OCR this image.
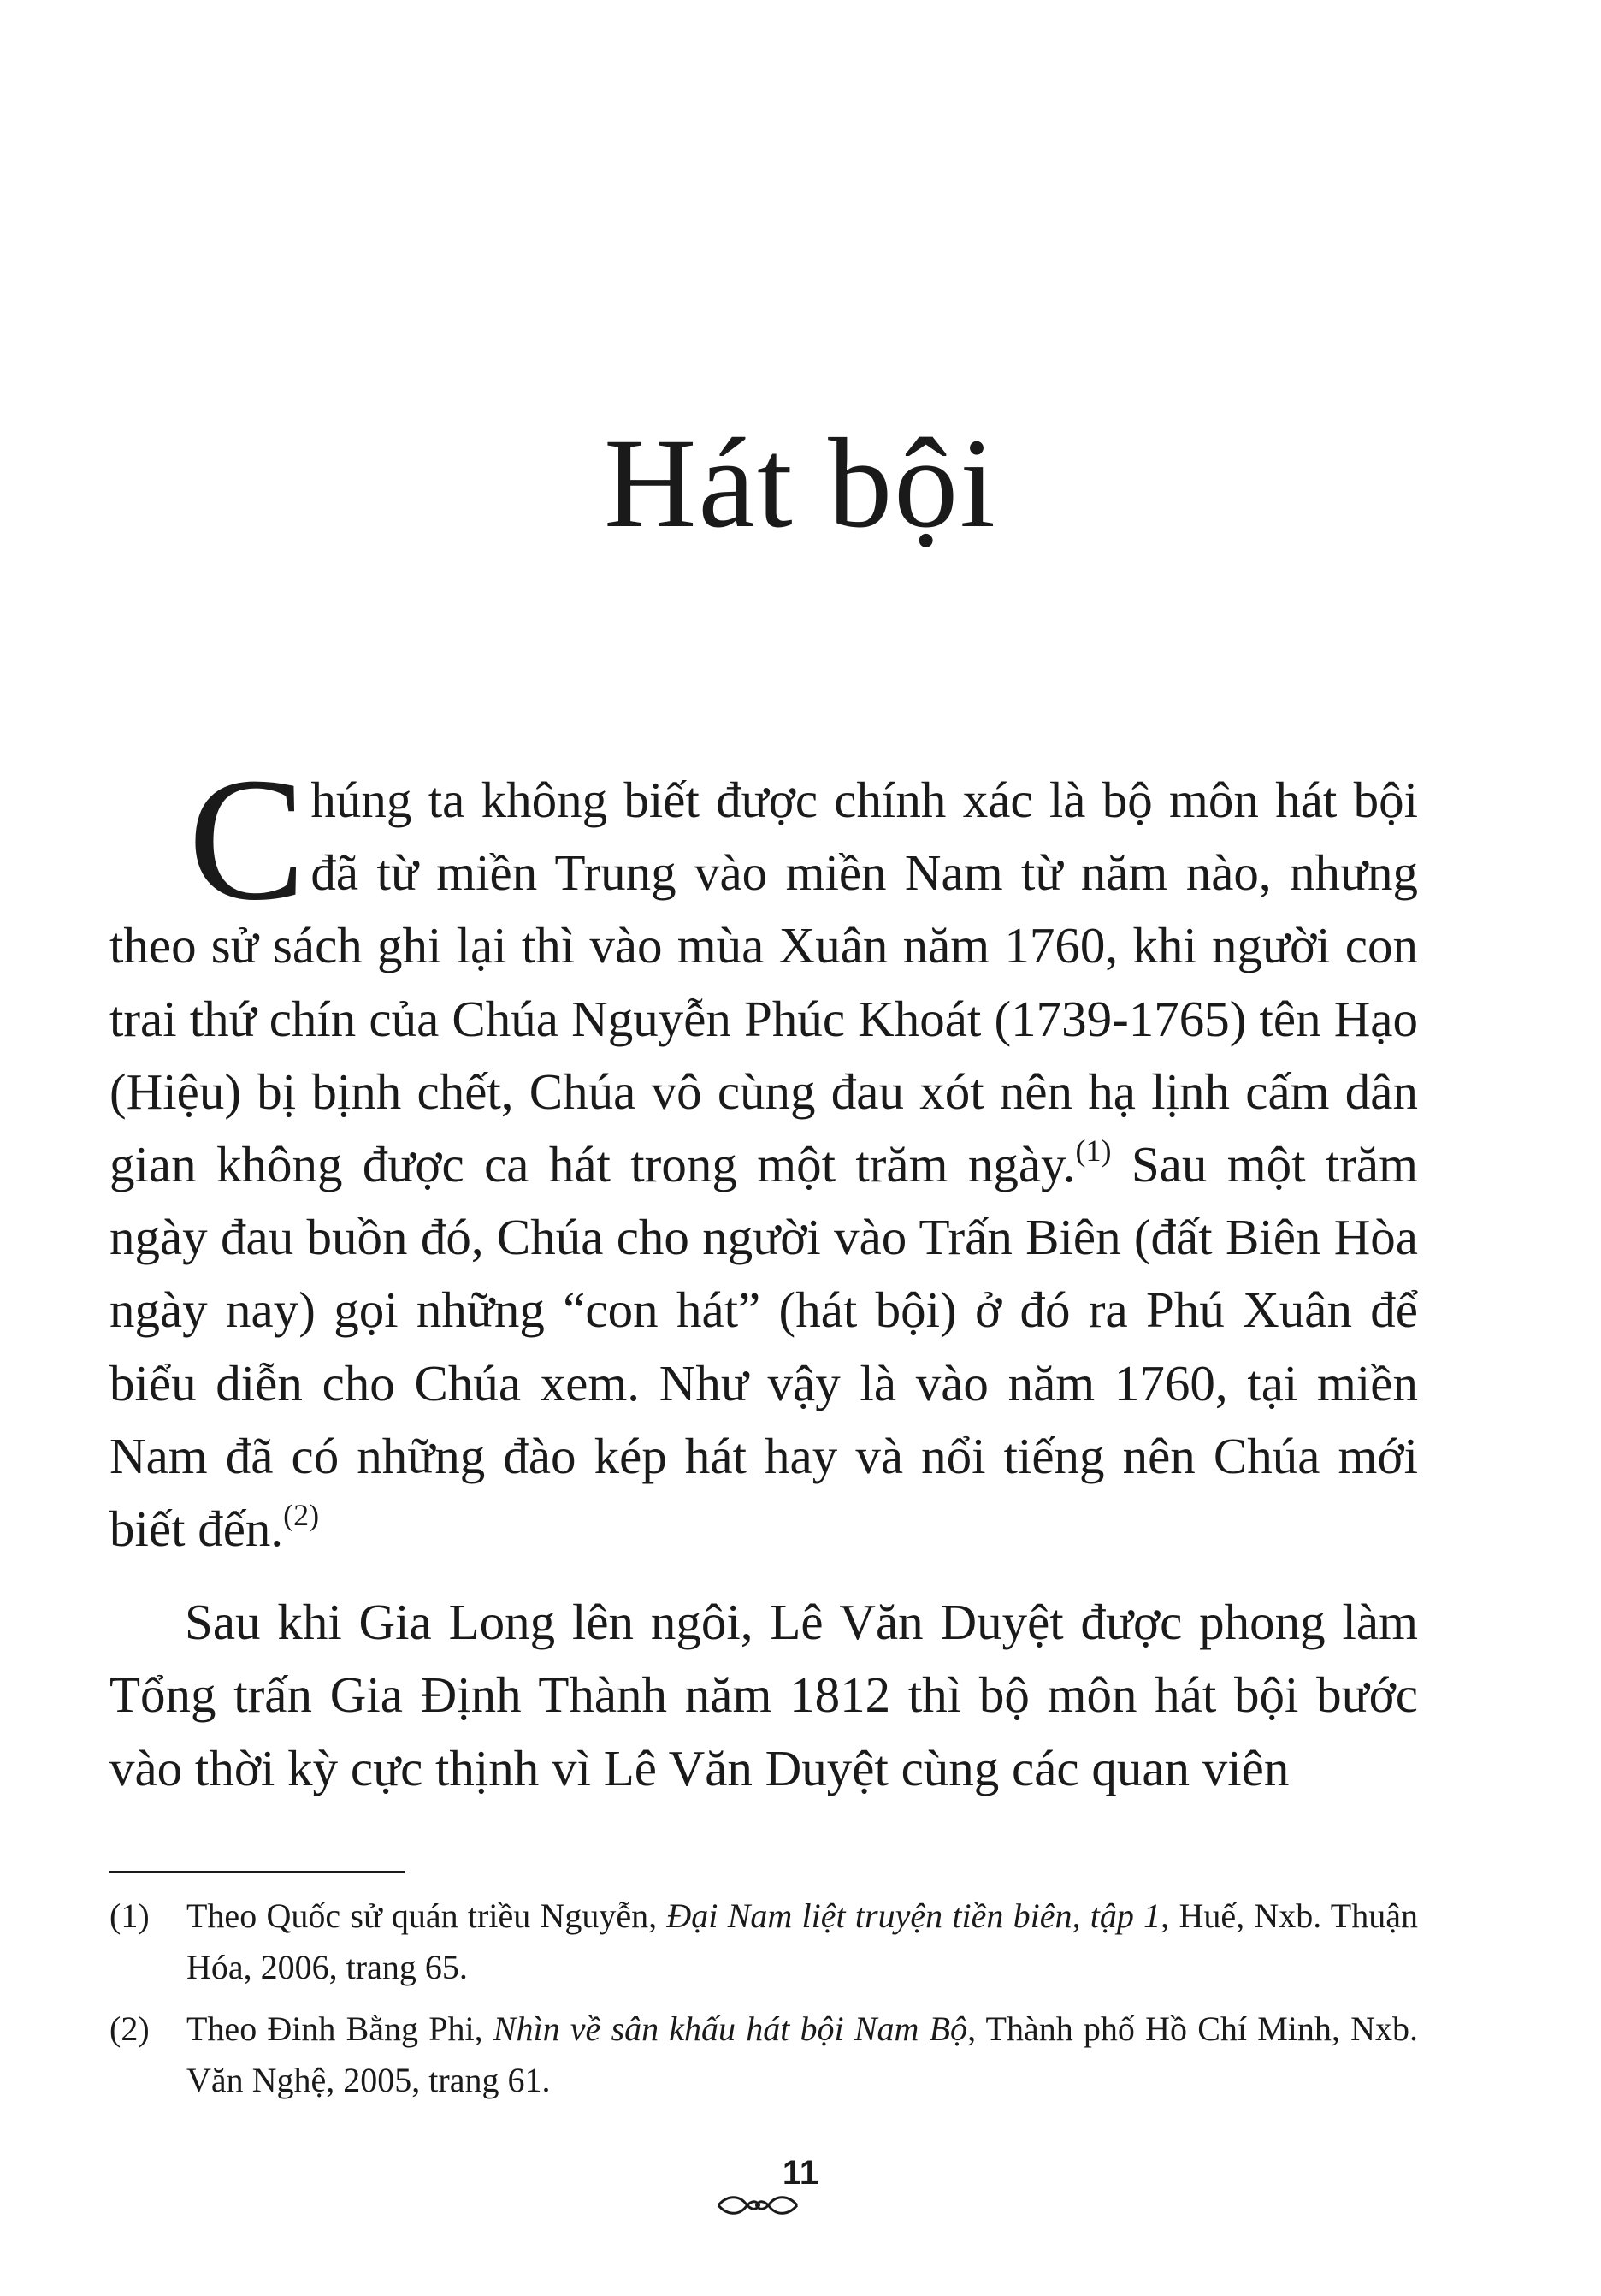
Hát bội

Chúng ta không biết được chính xác là bộ môn hát bội đã từ miền Trung vào miền Nam từ năm nào, nhưng theo sử sách ghi lại thì vào mùa Xuân năm 1760, khi người con trai thứ chín của Chúa Nguyễn Phúc Khoát (1739-1765) tên Hạo (Hiệu) bị bịnh chết, Chúa vô cùng đau xót nên hạ lịnh cấm dân gian không được ca hát trong một trăm ngày.$^{(1)}$ Sau một trăm ngày đau buồn đó, Chúa cho người vào Trấn Biên (đất Biên Hòa ngày nay) gọi những “con hát” (hát bội) ở đó ra Phú Xuân để biểu diễn cho Chúa xem. Như vậy là vào năm 1760, tại miền Nam đã có những đào kép hát hay và nổi tiếng nên Chúa mới biết đến.$^{(2)}$

Sau khi Gia Long lên ngôi, Lê Văn Duyệt được phong làm Tổng trấn Gia Định Thành năm 1812 thì bộ môn hát bội bước vào thời kỳ cực thịnh vì Lê Văn Duyệt cùng các quan viên

(1) Theo Quốc sử quán triều Nguyễn, Đại Nam liệt truyện tiền biên, tập 1, Huế, Nxb. Thuận Hóa, 2006, trang 65.

(2) Theo Đinh Bằng Phi, Nhìn về sân khấu hát bội Nam Bộ, Thành phố Hồ Chí Minh, Nxb. Văn Nghệ, 2005, trang 61.

11
